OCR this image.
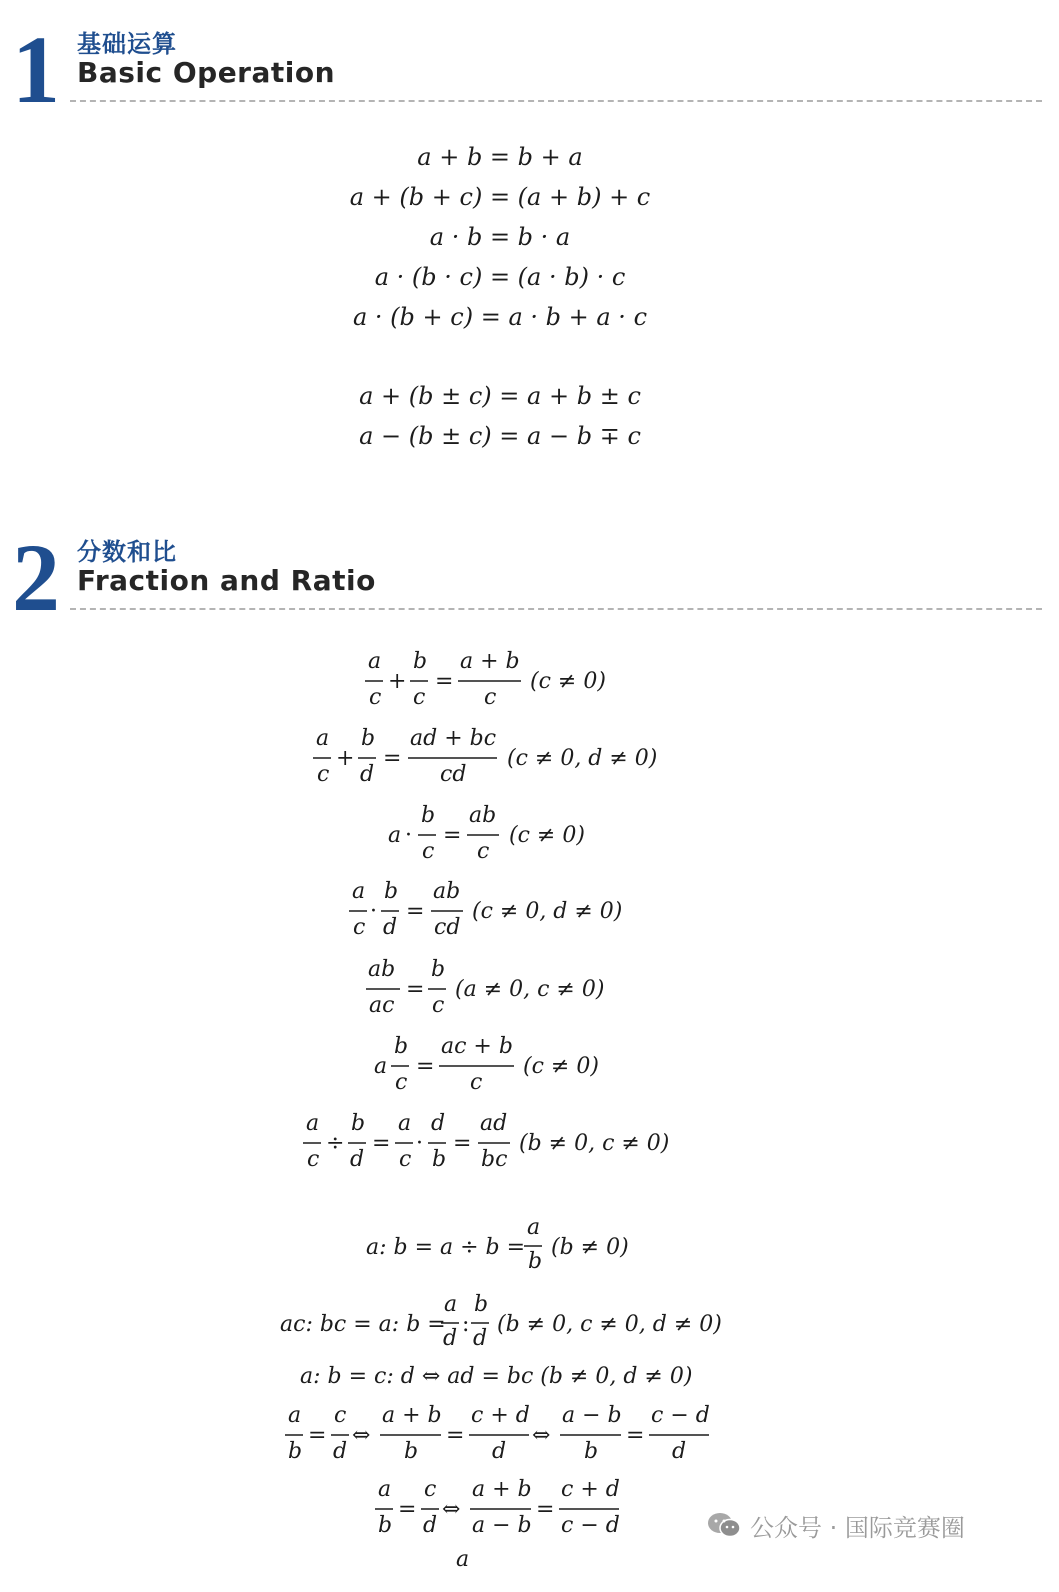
1 基础运算
Basic Operation
a + b = b + a
a + (b + c) = (a + b) + c
a · b = b · a
a · (b · c) = (a · b) · c
a · (b + c) = a · b + a · c
a + (b ± c) = a + b ± c
a − (b ± c) = a − b ∓ c
2 分数和比
Fraction and Ratio
a
c
+
b
c
=
a + b
c
(c ≠ 0)
a
c
+
b
d
=
ad + bc
cd
(c ≠ 0, d ≠ 0)
a ·
b
c
=
ab
c
(c ≠ 0)
a
c
·
b
d
=
ab
cd
(c ≠ 0, d ≠ 0)
ab
ac
=
b
c
(a ≠ 0, c ≠ 0)
a
b
c
=
ac + b
c
(c ≠ 0)
a
c
÷
b
d
=
a
c
·
d
b
=
ad
bc
(b ≠ 0, c ≠ 0)
a: b = a ÷ b =
a
b
(b ≠ 0)
ac: bc = a: b =
a
d
:
b
d
(b ≠ 0, c ≠ 0, d ≠ 0)
a: b = c: d ⇔ ad = bc (b ≠ 0, d ≠ 0)
a
b
=
c
d
⇔
a + b
b
=
c + d
d
⇔
a − b
b
=
c − d
d
a
b
=
c
d
⇔
a + b
a − b
=
c + d
c − d
a
公众号 · 国际竞赛圈
